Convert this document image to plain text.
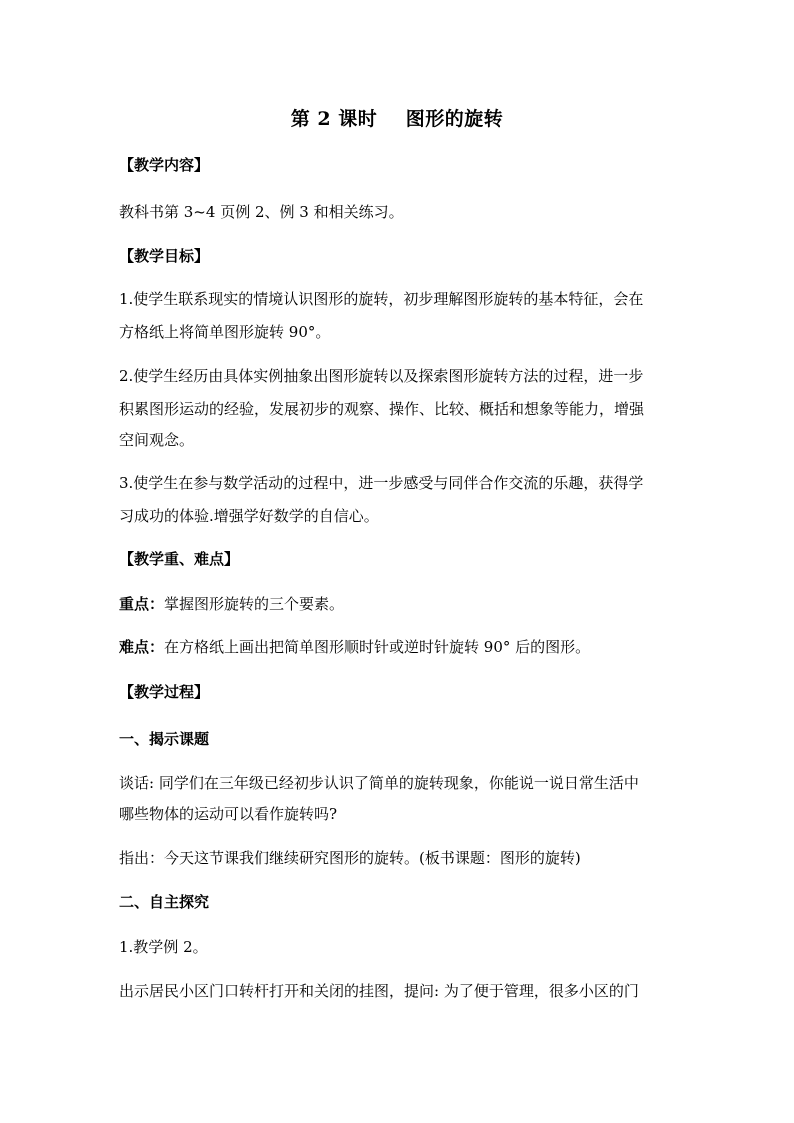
第 2 课时    图形的旋转
【教学内容】
教科书第 3~4 页例 2、例 3 和相关练习。
【教学目标】
1.使学生联系现实的情境认识图形的旋转，初步理解图形旋转的基本特征，会在
方格纸上将简单图形旋转 90°。
2.使学生经历由具体实例抽象出图形旋转以及探索图形旋转方法的过程，进一步
积累图形运动的经验，发展初步的观察、操作、比较、概括和想象等能力，增强
空间观念。
3.使学生在参与数学活动的过程中，进一步感受与同伴合作交流的乐趣，获得学
习成功的体验.增强学好数学的自信心。
【教学重、难点】
重点：掌握图形旋转的三个要素。
难点：在方格纸上画出把简单图形顺时针或逆时针旋转 90° 后的图形。
【教学过程】
一、揭示课题
谈话: 同学们在三年级已经初步认识了简单的旋转现象，你能说一说日常生活中
哪些物体的运动可以看作旋转吗?
指出：今天这节课我们继续研究图形的旋转。(板书课题：图形的旋转)
二、自主探究
1.教学例 2。
出示居民小区门口转杆打开和关闭的挂图，提问: 为了便于管理，很多小区的门
